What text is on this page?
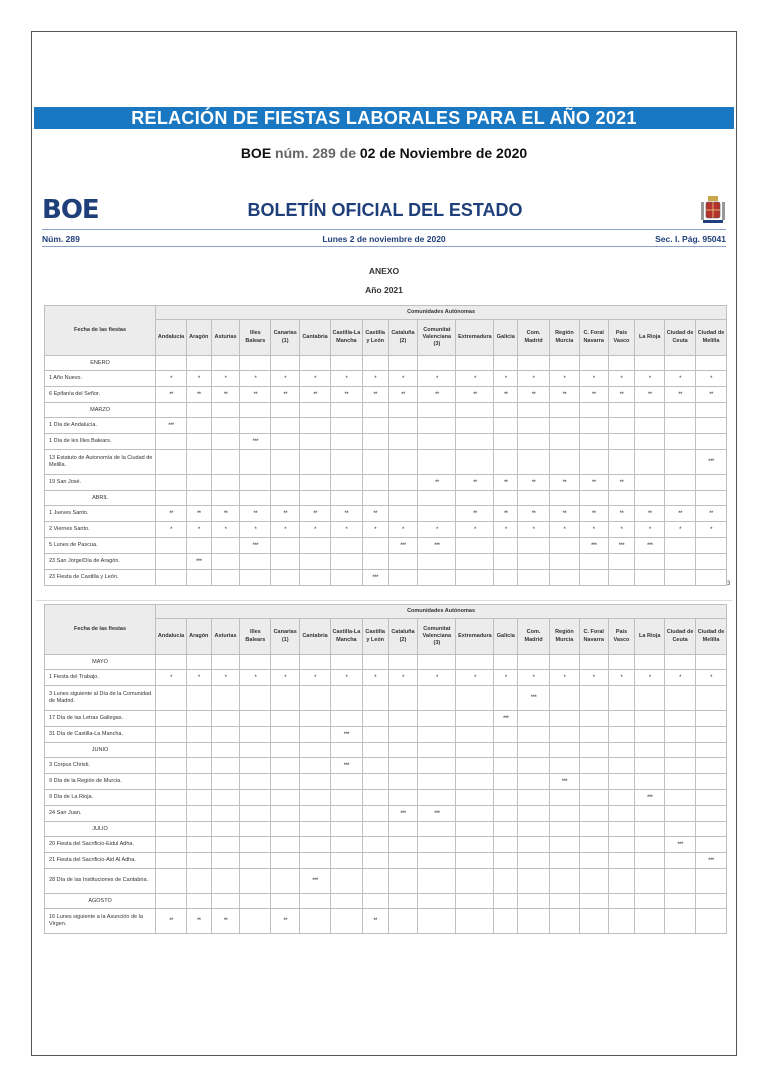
RELACIÓN DE FIESTAS LABORALES PARA EL AÑO 2021
BOE núm. 289 de 02 de Noviembre de 2020
BOE	BOLETÍN OFICIAL DEL ESTADO
Núm. 289	Lunes 2 de noviembre de 2020	Sec. I. Pág. 95041
ANEXO
Año 2021
Fecha de las fiestas	Comunidades Autónomas																		
	Andalucía	Aragón	Asturias	Illes Balears	Canarias (1)	Cantabria	Castilla-La Mancha	Castilla y León	Cataluña (2)	Comunitat Valenciana (3)	Extremadura	Galicia	Com. Madrid	Región Murcia	C. Foral Navarra	País Vasco	La Rioja	Ciudad de Ceuta	Ciudad de Melilla
ENERO																			
1 Año Nuevo.	*	*	*	*	*	*	*	*	*	*	*	*	*	*	*	*	*	*	*
6 Epifanía del Señor.	**	**	**	**	**	**	**	**	**	**	**	**	**	**	**	**	**	**	**
MARZO																			
1 Día de Andalucía.	***																		
1 Día de les Illes Balears.				***															
13 Estatuto de Autonomía de la Ciudad de Melilla.																			***
19 San José.										**	**	**	**	**	**	**			
ABRIL																			
1 Jueves Santo.	**	**	**	**	**	**	**	**			**	**	**	**	**	**	**	**	**
2 Viernes Santo.	*	*	*	*	*	*	*	*	*	*	*	*	*	*	*	*	*	*	*
5 Lunes de Pascua.				***					***	***					***	***	***		
23 San Jorge/Día de Aragón.		***																	
23 Fiesta de Castilla y León.								***											
3
Fecha de las fiestas	Comunidades Autónomas																		
	Andalucía	Aragón	Asturias	Illes Balears	Canarias (1)	Cantabria	Castilla-La Mancha	Castilla y León	Cataluña (2)	Comunitat Valenciana (3)	Extremadura	Galicia	Com. Madrid	Región Murcia	C. Foral Navarra	País Vasco	La Rioja	Ciudad de Ceuta	Ciudad de Melilla
MAYO																			
1 Fiesta del Trabajo.	*	*	*	*	*	*	*	*	*	*	*	*	*	*	*	*	*	*	*
3 Lunes siguiente al Día de la Comunidad de Madrid.													***						
17 Día de las Letras Gallegas.												***							
31 Día de Castilla-La Mancha.							***												
JUNIO																			
3 Corpus Christi.							***												
9 Día de la Región de Murcia.														***					
9 Día de La Rioja.																	***		
24 San Juan.									***	***									
JULIO																			
20 Fiesta del Sacrificio-Eidul Adha.																		***	
21 Fiesta del Sacrificio-Aid Al Adha.																			***
28 Día de las Instituciones de Cantabria.						***													
AGOSTO																			
16 Lunes siguiente a la Asunción de la Virgen.	**	**	**		**			**											
